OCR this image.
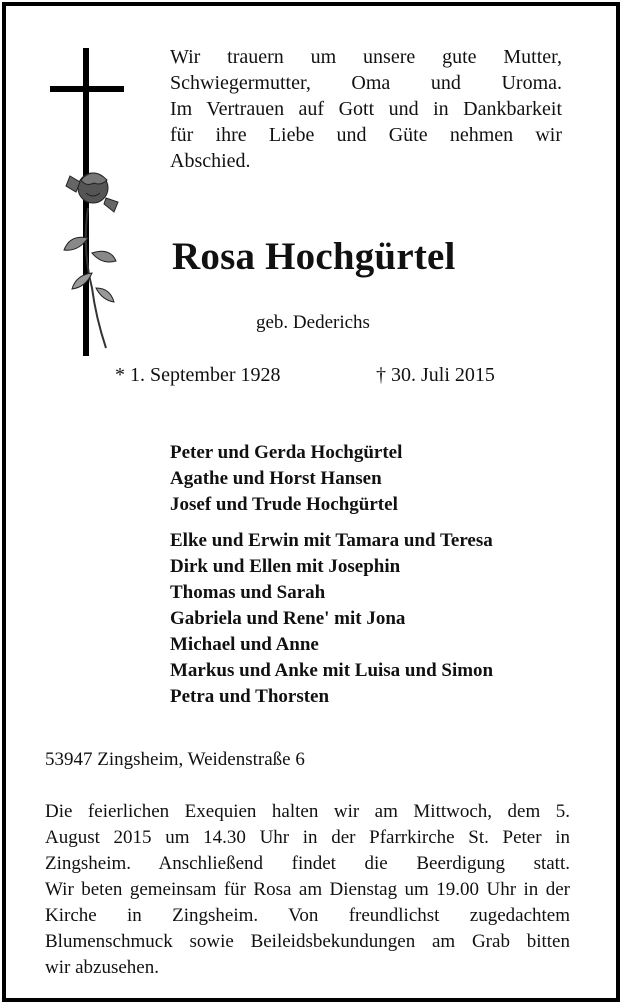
Wir trauern um unsere gute Mutter,

Schwiegermutter, Oma und Uroma.

Im Vertrauen auf Gott und in Dankbarkeit

für ihre Liebe und Güte nehmen wir

Abschied.

Rosa Hochgürtel
geb. Dederichs
* 1. September 1928	† 30. Juli 2015
Peter und Gerda Hochgürtel
Agathe und Horst Hansen
Josef und Trude Hochgürtel
Elke und Erwin mit Tamara und Teresa
Dirk und Ellen mit Josephin
Thomas und Sarah
Gabriela und Rene' mit Jona
Michael und Anne
Markus und Anke mit Luisa und Simon
Petra und Thorsten
53947 Zingsheim, Weidenstraße 6
Die feierlichen Exequien halten wir am Mittwoch, dem 5.
August 2015 um 14.30 Uhr in der Pfarrkirche St. Peter in
Zingsheim. Anschließend findet die Beerdigung statt.
Wir beten gemeinsam für Rosa am Dienstag um 19.00 Uhr in der
Kirche in Zingsheim. Von freundlichst zugedachtem
Blumenschmuck sowie Beileidsbekundungen am Grab bitten
wir abzusehen.
